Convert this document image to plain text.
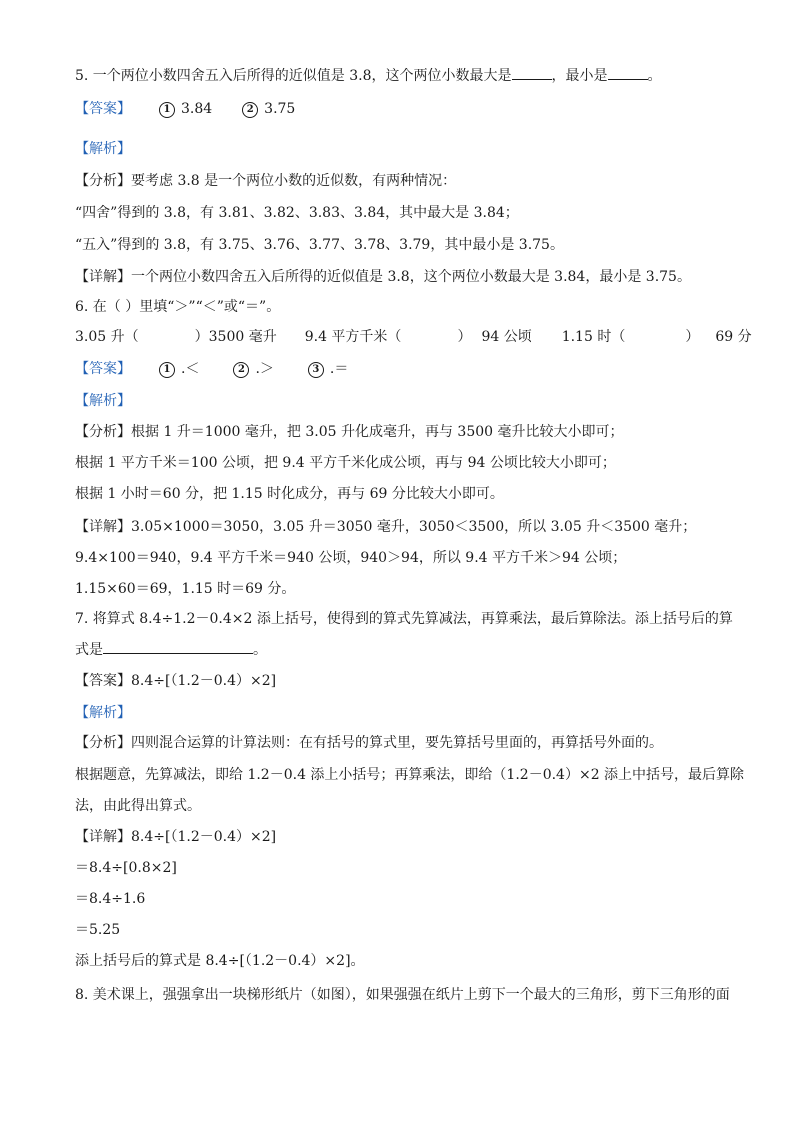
5. 一个两位小数四舍五入后所得的近似值是 3.8，这个两位小数最大是	，最小是	。
【答案】	1 3.84	2 3.75
【解析】
【分析】要考虑 3.8 是一个两位小数的近似数，有两种情况：
“四舍”得到的 3.8，有 3.81、3.82、3.83、3.84，其中最大是 3.84；
“五入”得到的 3.8，有 3.75、3.76、3.77、3.78、3.79，其中最小是 3.75。
【详解】一个两位小数四舍五入后所得的近似值是 3.8，这个两位小数最大是 3.84，最小是 3.75。
6. 在（ ）里填“＞”“＜”或“＝”。
3.05 升（	）3500 毫升 9.4 平方千米（	） 94 公顷 1.15 时（	） 69 分
【答案】	1 .＜	2 .＞	3 .＝
【解析】
【分析】根据 1 升＝1000 毫升，把 3.05 升化成毫升，再与 3500 毫升比较大小即可；
根据 1 平方千米＝100 公顷，把 9.4 平方千米化成公顷，再与 94 公顷比较大小即可；
根据 1 小时＝60 分，把 1.15 时化成分，再与 69 分比较大小即可。
【详解】3.05×1000＝3050，3.05 升＝3050 毫升，3050＜3500，所以 3.05 升＜3500 毫升；
9.4×100＝940，9.4 平方千米＝940 公顷，940＞94，所以 9.4 平方千米＞94 公顷；
1.15×60＝69，1.15 时＝69 分。
7. 将算式 8.4÷1.2－0.4×2 添上括号，使得到的算式先算减法，再算乘法，最后算除法。添上括号后的算
式是	。
【答案】8.4÷[（1.2－0.4）×2]
【解析】
【分析】四则混合运算的计算法则：在有括号的算式里，要先算括号里面的，再算括号外面的。
根据题意，先算减法，即给 1.2－0.4 添上小括号；再算乘法，即给（1.2－0.4）×2 添上中括号，最后算除
法，由此得出算式。
【详解】8.4÷[（1.2－0.4）×2]
＝8.4÷[0.8×2]
＝8.4÷1.6
＝5.25
添上括号后的算式是 8.4÷[（1.2－0.4）×2]。
8. 美术课上，强强拿出一块梯形纸片（如图），如果强强在纸片上剪下一个最大的三角形，剪下三角形的面
